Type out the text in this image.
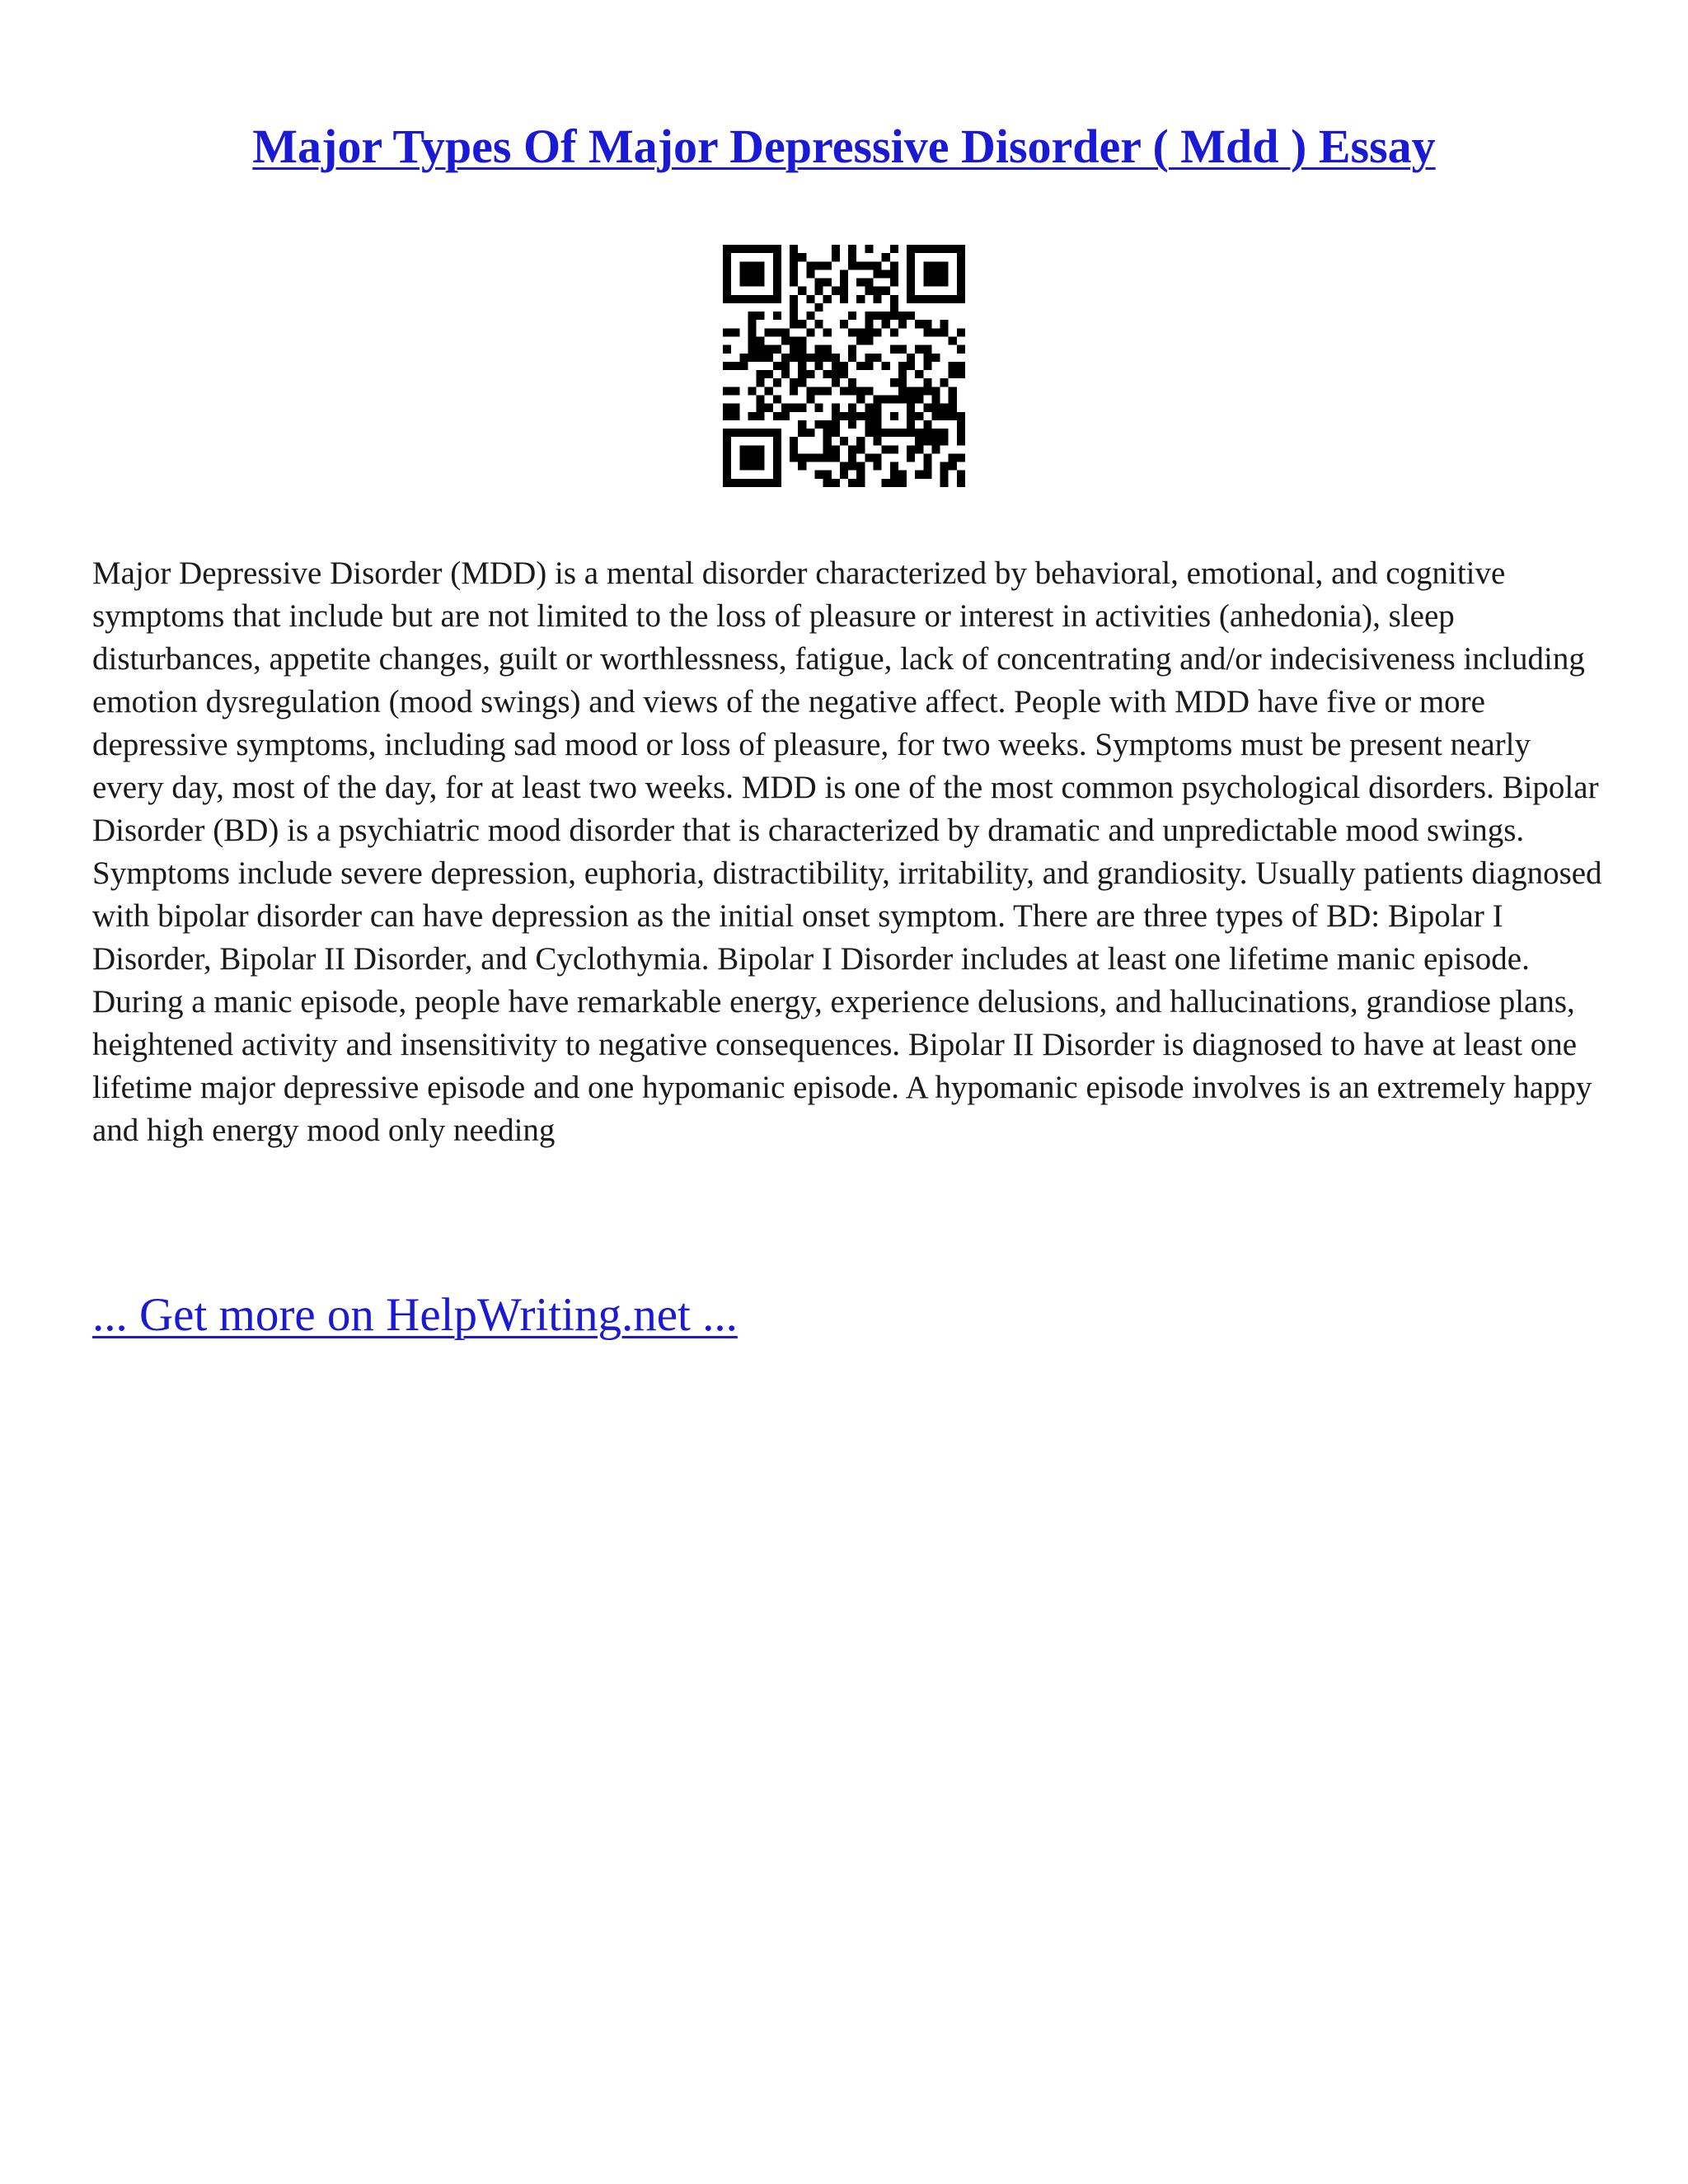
Major Types Of Major Depressive Disorder ( Mdd ) Essay

Major Depressive Disorder (MDD) is a mental disorder characterized by behavioral, emotional, and cognitive symptoms that include but are not limited to the loss of pleasure or interest in activities (anhedonia), sleep disturbances, appetite changes, guilt or worthlessness, fatigue, lack of concentrating and/or indecisiveness including emotion dysregulation (mood swings) and views of the negative affect. People with MDD have five or more depressive symptoms, including sad mood or loss of pleasure, for two weeks. Symptoms must be present nearly every day, most of the day, for at least two weeks. MDD is one of the most common psychological disorders. Bipolar Disorder (BD) is a psychiatric mood disorder that is characterized by dramatic and unpredictable mood swings. Symptoms include severe depression, euphoria, distractibility, irritability, and grandiosity. Usually patients diagnosed with bipolar disorder can have depression as the initial onset symptom. There are three types of BD: Bipolar I Disorder, Bipolar II Disorder, and Cyclothymia. Bipolar I Disorder includes at least one lifetime manic episode. During a manic episode, people have remarkable energy, experience delusions, and hallucinations, grandiose plans, heightened activity and insensitivity to negative consequences. Bipolar II Disorder is diagnosed to have at least one lifetime major depressive episode and one hypomanic episode. A hypomanic episode involves is an extremely happy and high energy mood only needing

... Get more on HelpWriting.net ...
